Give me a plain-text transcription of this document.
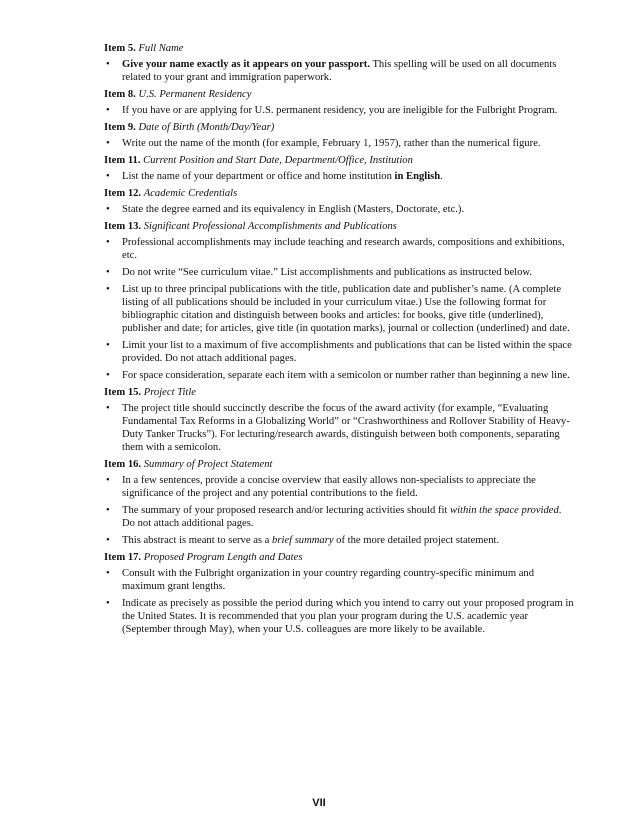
Item 5. Full Name
• Give your name exactly as it appears on your passport. This spelling will be used on all documents related to your grant and immigration paperwork.
Item 8. U.S. Permanent Residency
• If you have or are applying for U.S. permanent residency, you are ineligible for the Fulbright Program.
Item 9. Date of Birth (Month/Day/Year)
• Write out the name of the month (for example, February 1, 1957), rather than the numerical figure.
Item 11. Current Position and Start Date, Department/Office, Institution
• List the name of your department or office and home institution in English.
Item 12. Academic Credentials
• State the degree earned and its equivalency in English (Masters, Doctorate, etc.).
Item 13. Significant Professional Accomplishments and Publications
• Professional accomplishments may include teaching and research awards, compositions and exhibitions, etc.
• Do not write “See curriculum vitae.” List accomplishments and publications as instructed below.
• List up to three principal publications with the title, publication date and publisher’s name. (A complete listing of all publications should be included in your curriculum vitae.) Use the following format for bibliographic citation and distinguish between books and articles: for books, give title (underlined), publisher and date; for articles, give title (in quotation marks), journal or collection (underlined) and date.
• Limit your list to a maximum of five accomplishments and publications that can be listed within the space provided. Do not attach additional pages.
• For space consideration, separate each item with a semicolon or number rather than beginning a new line.
Item 15. Project Title
• The project title should succinctly describe the focus of the award activity (for example, “Evaluating Fundamental Tax Reforms in a Globalizing World” or “Crashworthiness and Rollover Stability of Heavy-Duty Tanker Trucks”). For lecturing/research awards, distinguish between both components, separating them with a semicolon.
Item 16. Summary of Project Statement
• In a few sentences, provide a concise overview that easily allows non-specialists to appreciate the significance of the project and any potential contributions to the field.
• The summary of your proposed research and/or lecturing activities should fit within the space provided. Do not attach additional pages.
• This abstract is meant to serve as a brief summary of the more detailed project statement.
Item 17. Proposed Program Length and Dates
• Consult with the Fulbright organization in your country regarding country-specific minimum and maximum grant lengths.
• Indicate as precisely as possible the period during which you intend to carry out your proposed program in the United States. It is recommended that you plan your program during the U.S. academic year (September through May), when your U.S. colleagues are more likely to be available.
VII
